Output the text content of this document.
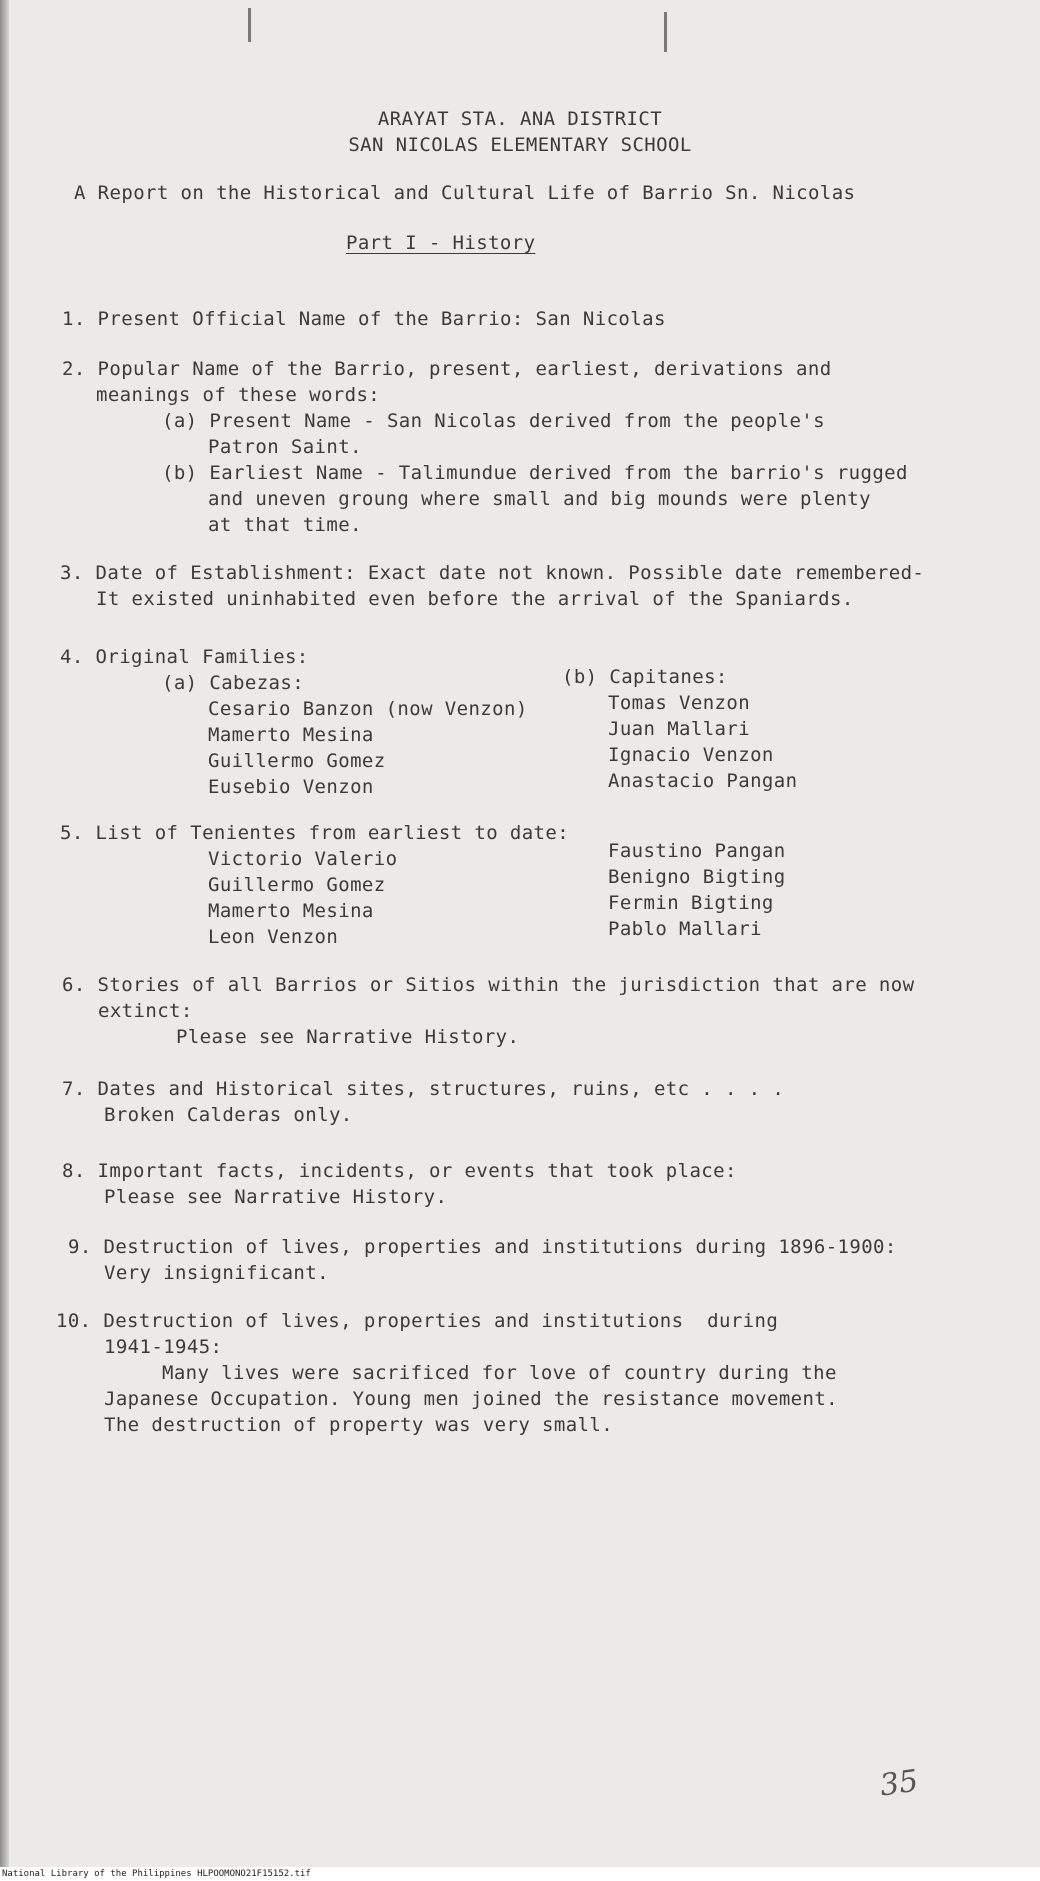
ARAYAT STA. ANA DISTRICT
SAN NICOLAS ELEMENTARY SCHOOL
A Report on the Historical and Cultural Life of Barrio Sn. Nicolas
Part I - History
1. Present Official Name of the Barrio: San Nicolas
2. Popular Name of the Barrio, present, earliest, derivations and
meanings of these words:
(a) Present Name - San Nicolas derived from the people's
Patron Saint.
(b) Earliest Name - Talimundue derived from the barrio's rugged
and uneven groung where small and big mounds were plenty
at that time.
3. Date of Establishment: Exact date not known. Possible date remembered-
It existed uninhabited even before the arrival of the Spaniards.
4. Original Families:
(a) Cabezas:	(b) Capitanes:
Cesario Banzon (now Venzon)
Mamerto Mesina
Guillermo Gomez
Eusebio Venzon
Tomas Venzon
Juan Mallari
Ignacio Venzon
Anastacio Pangan
5. List of Tenientes from earliest to date:
Victorio Valerio
Guillermo Gomez
Mamerto Mesina
Leon Venzon
Faustino Pangan
Benigno Bigting
Fermin Bigting
Pablo Mallari
6. Stories of all Barrios or Sitios within the jurisdiction that are now
extinct:
Please see Narrative History.
7. Dates and Historical sites, structures, ruins, etc . . . .
Broken Calderas only.
8. Important facts, incidents, or events that took place:
Please see Narrative History.
9. Destruction of lives, properties and institutions during 1896-1900:
Very insignificant.
10. Destruction of lives, properties and institutions  during
1941-1945:
Many lives were sacrificed for love of country during the
Japanese Occupation. Young men joined the resistance movement.
The destruction of property was very small.
35
National Library of the Philippines HLPOOMONO21F15152.tif
